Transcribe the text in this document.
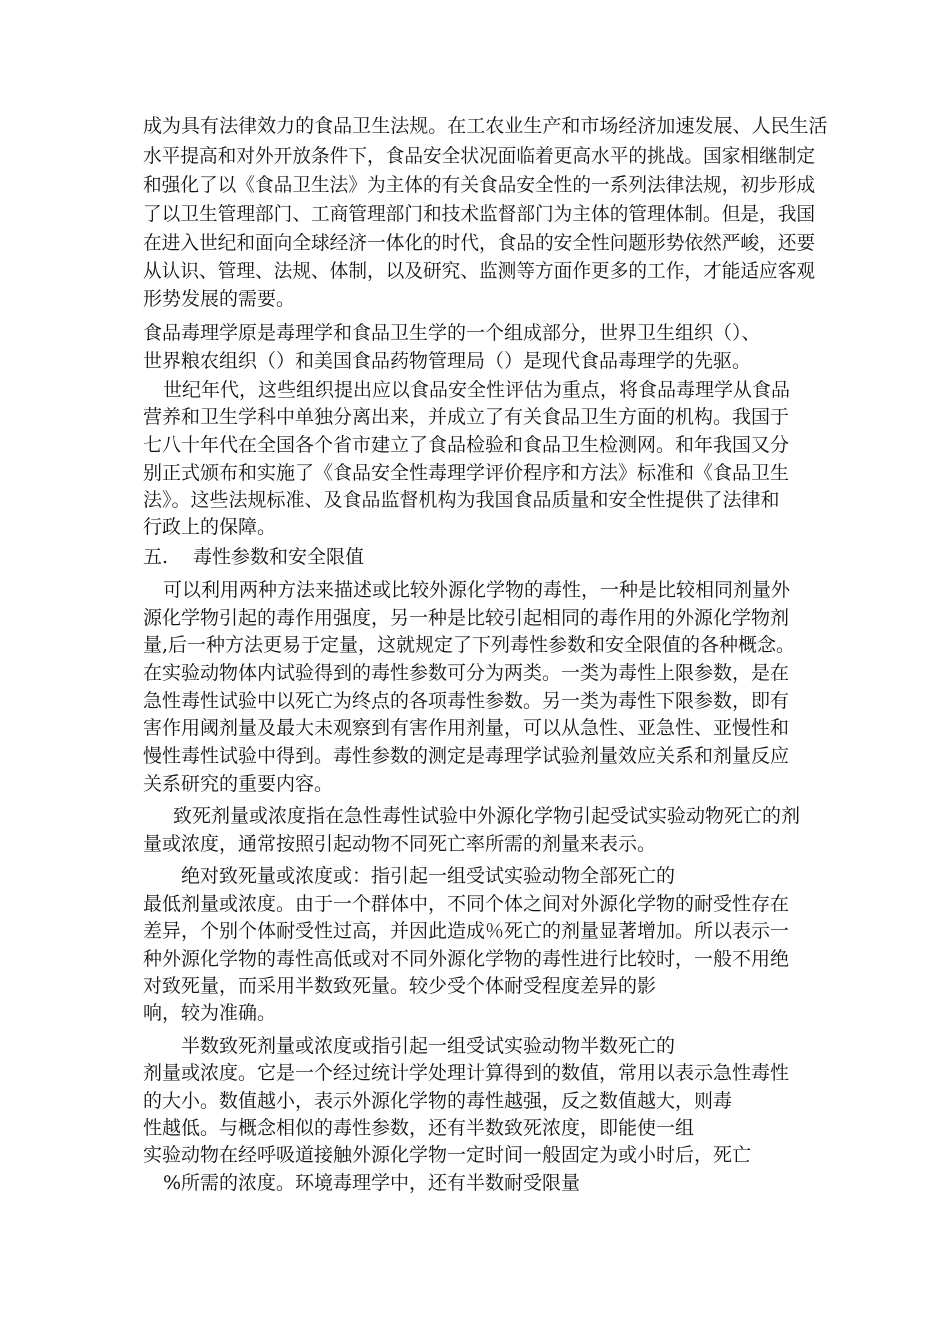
成 为 具 有 法 律 效 力 的 食 品 卫 生 法 规 。 在 工 农 业 生 产 和 市 场 经 济 加 速 发 展 、 人 民 生 活
水平提高和对外开放条件下，食品安全状况面临着更高水平的挑战。国家相继制定
和强化了以《食品卫生法》为主体的有关食品安全性的一系列法律法规，初步形成
了以卫生管理部门、工商管理部门和技术监督部门为主体的管理体制。但是，我国
在进入世纪和面向全球经济一体化的时代，食品的安全性问题形势依然严峻，还要
从认识、管理、法规、体制，以及研究、监测等方面作更多的工作，才能适应客观
形势发展的需要。
食品毒理学原是毒理学和食品卫生学的一个组成部分，世界卫生组织（）、
世界粮农组织（）和美国食品药物管理局（）是现代食品毒理学的先驱。
世纪年代，这些组织提出应以食品安全性评估为重点，将食品毒理学从食品
营养和卫生学科中单独分离出来，并成立了有关食品卫生方面的机构。我国于
七八十年代在全国各个省市建立了食品检验和食品卫生检测网。和年我国又分
别正式颁布和实施了《食品安全性毒理学评价程序和方法》标准和《食品卫生
法》。这些法规标准、及食品监督机构为我国食品质量和安全性提供了法律和
行政上的保障。
五. 毒性参数和安全限值
可以利用两种方法来描述或比较外源化学物的毒性，一种是比较相同剂量外
源化学物引起的毒作用强度，另一种是比较引起相同的毒作用的外源化学物剂
量,后一种方法更易于定量，这就规定了下列毒性参数和安全限值的各种概念。
在实验动物体内试验得到的毒性参数可分为两类。一类为毒性上限参数，是在
急性毒性试验中以死亡为终点的各项毒性参数。另一类为毒性下限参数，即有
害作用阈剂量及最大未观察到有害作用剂量，可以从急性、亚急性、亚慢性和
慢性毒性试验中得到。毒性参数的测定是毒理学试验剂量效应关系和剂量反应
关系研究的重要内容。
致死剂量或浓度指在急性毒性试验中外源化学物引起受试实验动物死亡的剂
量或浓度，通常按照引起动物不同死亡率所需的剂量来表示。
绝对致死量或浓度或：指引起一组受试实验动物全部死亡的
最低剂量或浓度。由于一个群体中，不同个体之间对外源化学物的耐受性存在
差异，个别个体耐受性过高，并因此造成％死亡的剂量显著增加。所以表示一
种外源化学物的毒性高低或对不同外源化学物的毒性进行比较时，一般不用绝
对致死量，而采用半数致死量。较少受个体耐受程度差异的影
响，较为准确。
半数致死剂量或浓度或指引起一组受试实验动物半数死亡的
剂量或浓度。它是一个经过统计学处理计算得到的数值，常用以表示急性毒性
的大小。数值越小，表示外源化学物的毒性越强，反之数值越大，则毒
性越低。与概念相似的毒性参数，还有半数致死浓度，即能使一组
实验动物在经呼吸道接触外源化学物一定时间一般固定为或小时后，死亡
%所需的浓度。环境毒理学中，还有半数耐受限量
